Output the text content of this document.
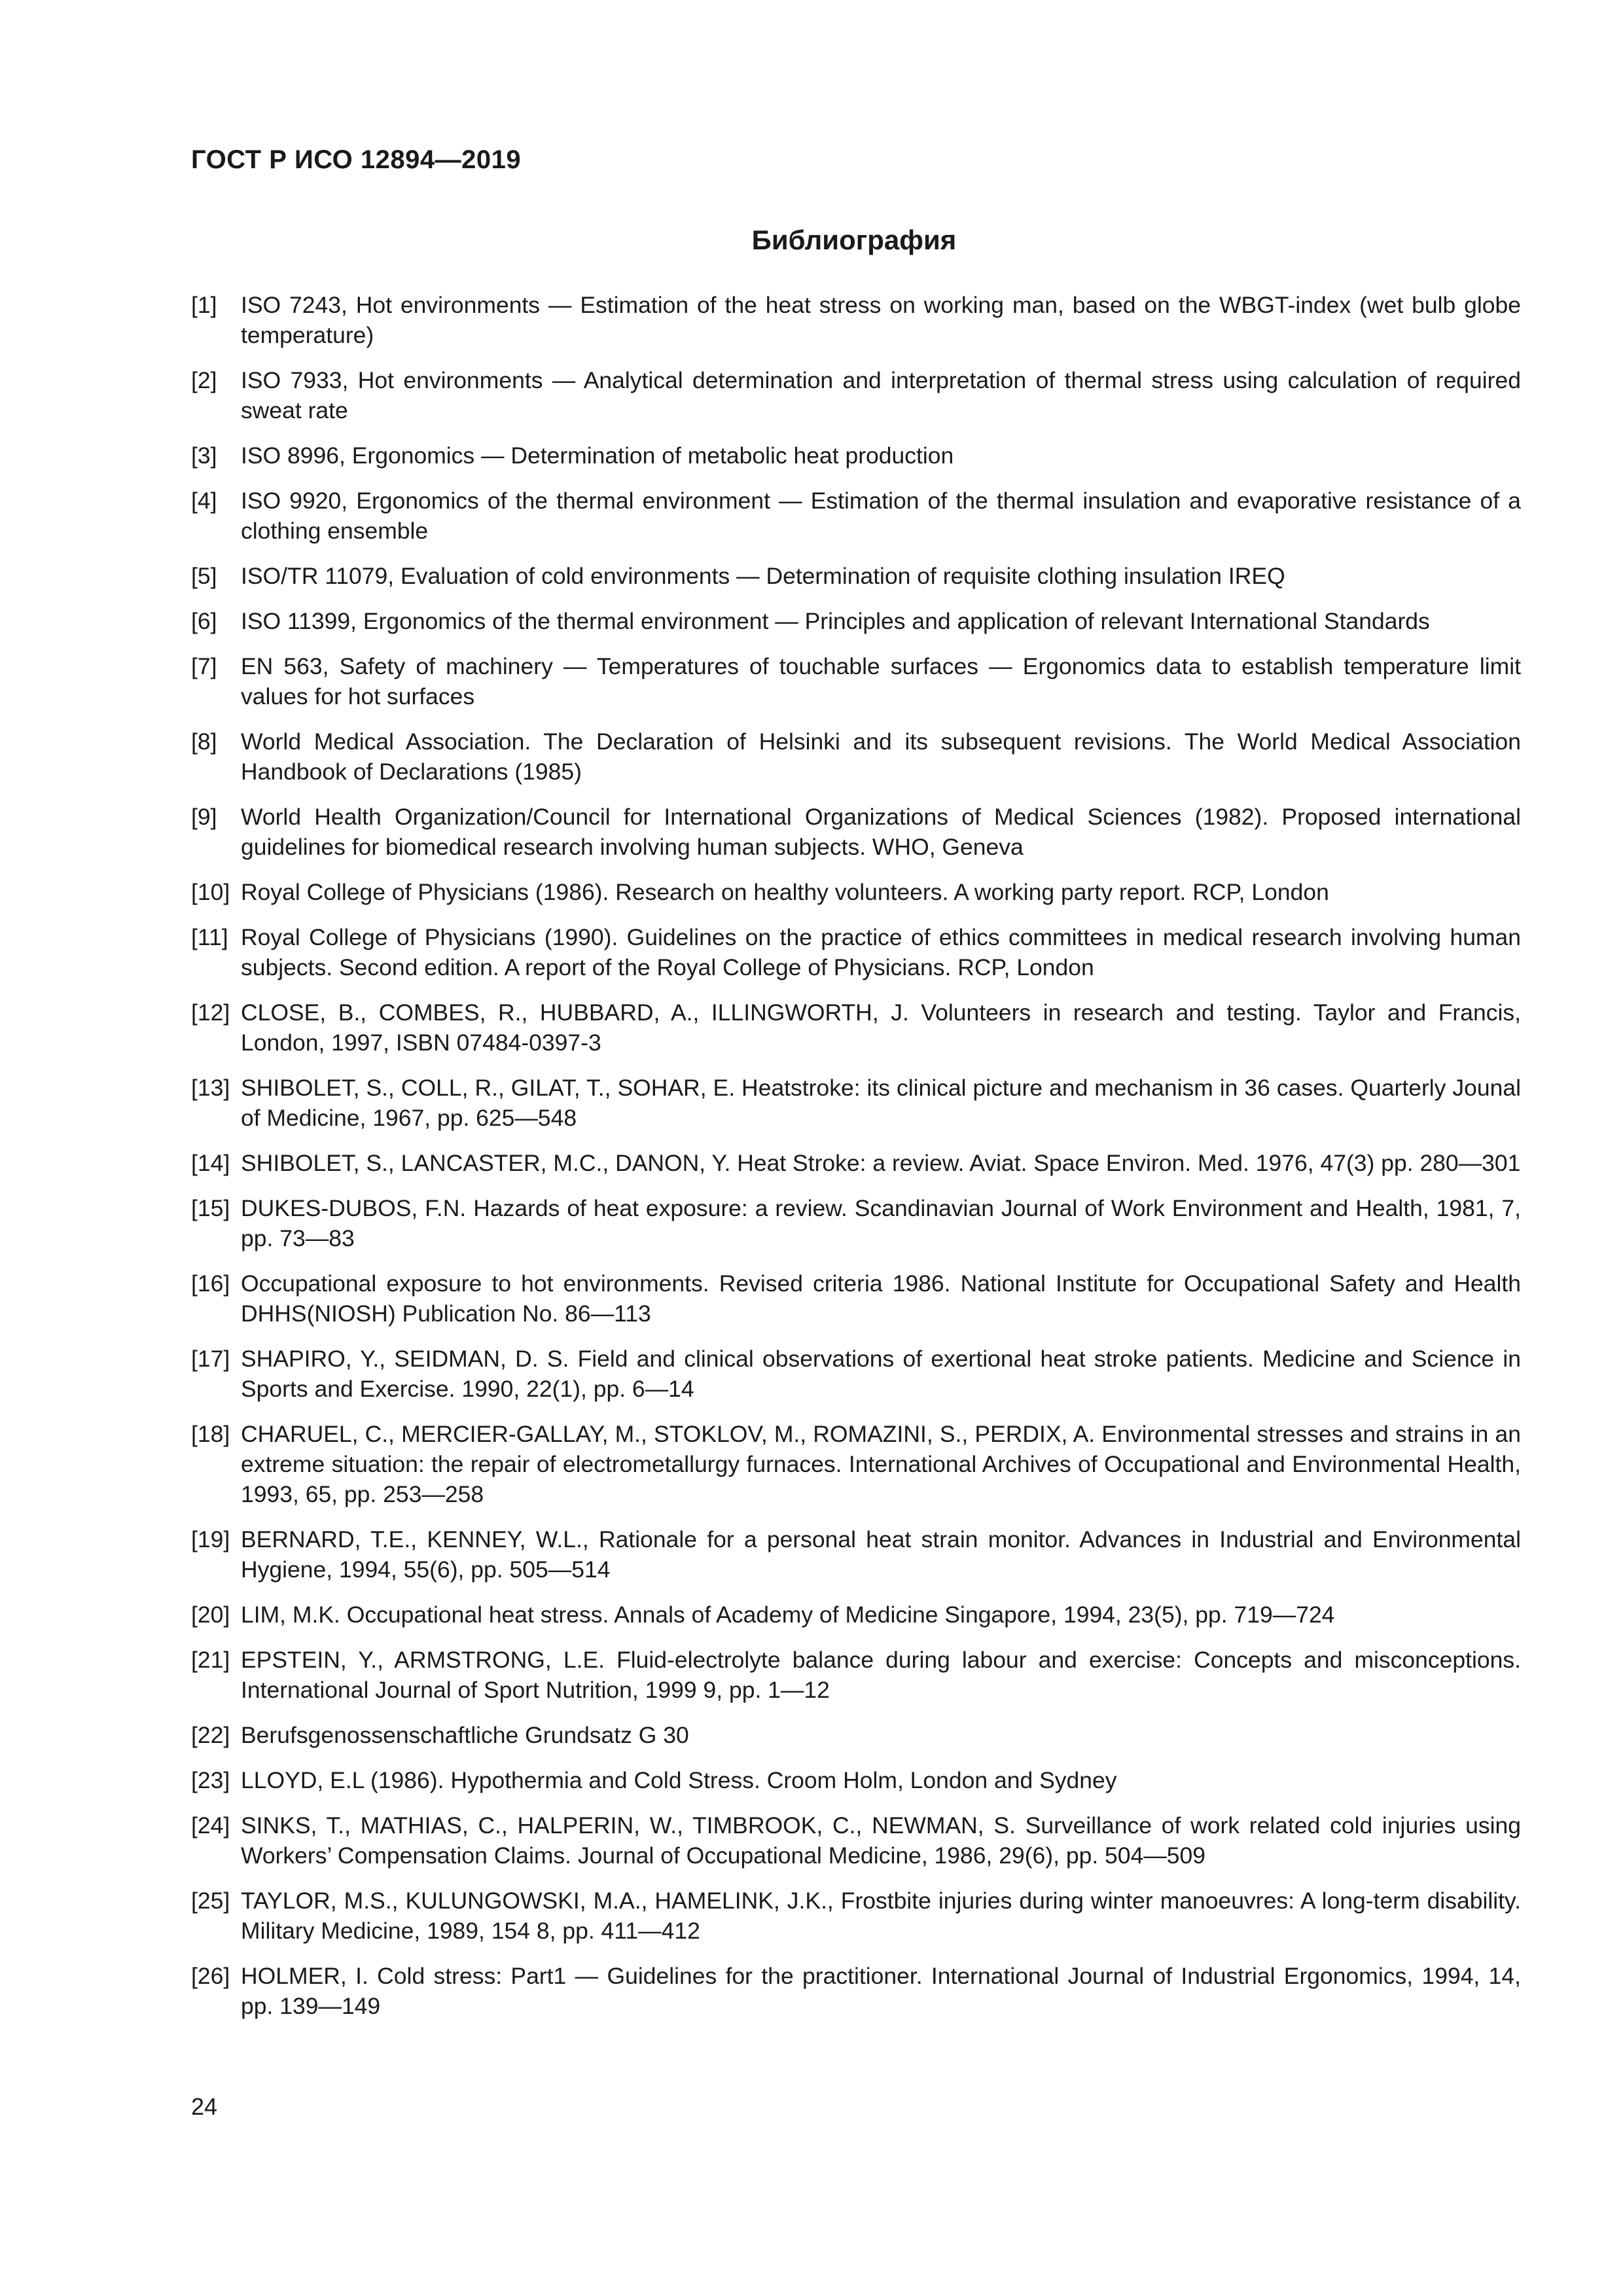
ГОСТ Р ИСО 12894—2019
Библиография
[1]	ISO 7243, Hot environments — Estimation of the heat stress on working man, based on the WBGT-index (wet bulb globe temperature)
[2]	ISO 7933, Hot environments — Analytical determination and interpretation of thermal stress using calculation of required sweat rate
[3]	ISO 8996, Ergonomics — Determination of metabolic heat production
[4]	ISO 9920, Ergonomics of the thermal environment — Estimation of the thermal insulation and evaporative resistance of a clothing ensemble
[5]	ISO/TR 11079, Evaluation of cold environments — Determination of requisite clothing insulation IREQ
[6]	ISO 11399, Ergonomics of the thermal environment — Principles and application of relevant International Standards
[7]	EN 563, Safety of machinery — Temperatures of touchable surfaces — Ergonomics data to establish temperature limit values for hot surfaces
[8]	World Medical Association. The Declaration of Helsinki and its subsequent revisions. The World Medical Association Handbook of Declarations (1985)
[9]	World Health Organization/Council for International Organizations of Medical Sciences (1982). Proposed international guidelines for biomedical research involving human subjects. WHO, Geneva
[10] Royal College of Physicians (1986). Research on healthy volunteers. A working party report. RCP, London
[11] Royal College of Physicians (1990). Guidelines on the practice of ethics committees in medical research involving human subjects. Second edition. A report of the Royal College of Physicians. RCP, London
[12] CLOSE, B., COMBES, R., HUBBARD, A., ILLINGWORTH, J. Volunteers in research and testing. Taylor and Francis, London, 1997, ISBN 07484-0397-3
[13] SHIBOLET, S., COLL, R., GILAT, T., SOHAR, E. Heatstroke: its clinical picture and mechanism in 36 cases. Quarterly Jounal of Medicine, 1967, pp. 625—548
[14] SHIBOLET, S., LANCASTER, M.C., DANON, Y. Heat Stroke: a review. Aviat. Space Environ. Med. 1976, 47(3) pp. 280—301
[15] DUKES-DUBOS, F.N. Hazards of heat exposure: a review. Scandinavian Journal of Work Environment and Health, 1981, 7, pp. 73—83
[16] Occupational exposure to hot environments. Revised criteria 1986. National Institute for Occupational Safety and Health DHHS(NIOSH) Publication No. 86—113
[17] SHAPIRO, Y., SEIDMAN, D. S. Field and clinical observations of exertional heat stroke patients. Medicine and Science in Sports and Exercise. 1990, 22(1), pp. 6—14
[18] CHARUEL, C., MERCIER-GALLAY, M., STOKLOV, M., ROMAZINI, S., PERDIX, A. Environmental stresses and strains in an extreme situation: the repair of electrometallurgy furnaces. International Archives of Occupational and Environmental Health, 1993, 65, pp. 253—258
[19] BERNARD, T.E., KENNEY, W.L., Rationale for a personal heat strain monitor. Advances in Industrial and Environmental Hygiene, 1994, 55(6), pp. 505—514
[20] LIM, M.K. Occupational heat stress. Annals of Academy of Medicine Singapore, 1994, 23(5), pp. 719—724
[21] EPSTEIN, Y., ARMSTRONG, L.E. Fluid-electrolyte balance during labour and exercise: Concepts and misconceptions. International Journal of Sport Nutrition, 1999 9, pp. 1—12
[22] Berufsgenossenschaftliche Grundsatz G 30
[23] LLOYD, E.L (1986). Hypothermia and Cold Stress. Croom Holm, London and Sydney
[24] SINKS, T., MATHIAS, C., HALPERIN, W., TIMBROOK, C., NEWMAN, S. Surveillance of work related cold injuries using Workers’ Compensation Claims. Journal of Occupational Medicine, 1986, 29(6), pp. 504—509
[25] TAYLOR, M.S., KULUNGOWSKI, M.A., HAMELINK, J.K., Frostbite injuries during winter manoeuvres: A long-term disability. Military Medicine, 1989, 154 8, pp. 411—412
[26] HOLMER, I. Cold stress: Part1 — Guidelines for the practitioner. International Journal of Industrial Ergonomics, 1994, 14, pp. 139—149
24
